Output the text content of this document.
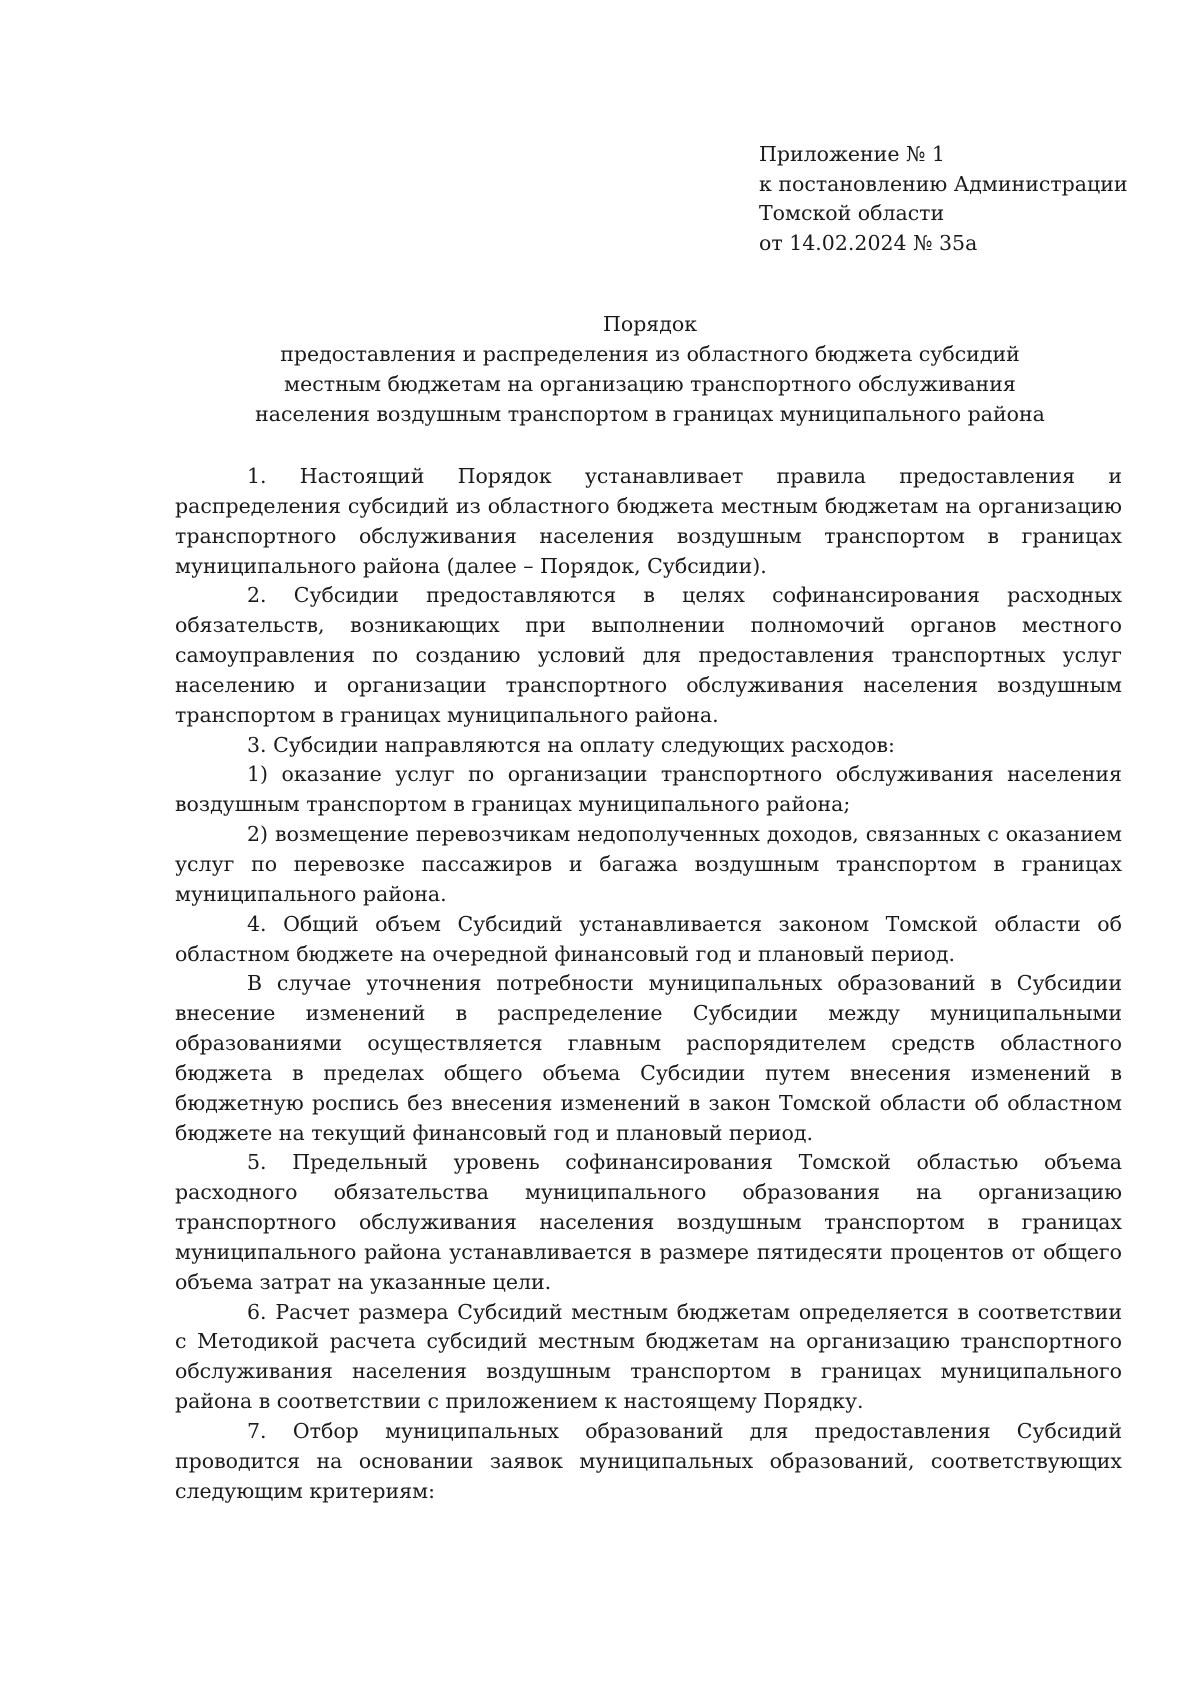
Приложение № 1
к постановлению Администрации
Томской области
от 14.02.2024 № 35а
Порядок
предоставления и распределения из областного бюджета субсидий
местным бюджетам на организацию транспортного обслуживания
населения воздушным транспортом в границах муниципального района

1. Настоящий Порядок устанавливает правила предоставления и распределения субсидий из областного бюджета местным бюджетам на организацию транспортного обслуживания населения воздушным транспортом в границах муниципального района (далее – Порядок, Субсидии).

2. Субсидии предоставляются в целях софинансирования расходных обязательств, возникающих при выполнении полномочий органов местного самоуправления по созданию условий для предоставления транспортных услуг населению и организации транспортного обслуживания населения воздушным транспортом в границах муниципального района.

3. Субсидии направляются на оплату следующих расходов:

1) оказание услуг по организации транспортного обслуживания населения воздушным транспортом в границах муниципального района;

2) возмещение перевозчикам недополученных доходов, связанных с оказанием услуг по перевозке пассажиров и багажа воздушным транспортом в границах муниципального района.

4. Общий объем Субсидий устанавливается законом Томской области об областном бюджете на очередной финансовый год и плановый период.

В случае уточнения потребности муниципальных образований в Субсидии внесение изменений в распределение Субсидии между муниципальными образованиями осуществляется главным распорядителем средств областного бюджета в пределах общего объема Субсидии путем внесения изменений в бюджетную роспись без внесения изменений в закон Томской области об областном бюджете на текущий финансовый год и плановый период.

5. Предельный уровень софинансирования Томской областью объема расходного обязательства муниципального образования на организацию транспортного обслуживания населения воздушным транспортом в границах муниципального района устанавливается в размере пятидесяти процентов от общего объема затрат на указанные цели.

6. Расчет размера Субсидий местным бюджетам определяется в соответствии с Методикой расчета субсидий местным бюджетам на организацию транспортного обслуживания населения воздушным транспортом в границах муниципального района в соответствии с приложением к настоящему Порядку.

7. Отбор муниципальных образований для предоставления Субсидий проводится на основании заявок муниципальных образований, соответствующих следующим критериям:
